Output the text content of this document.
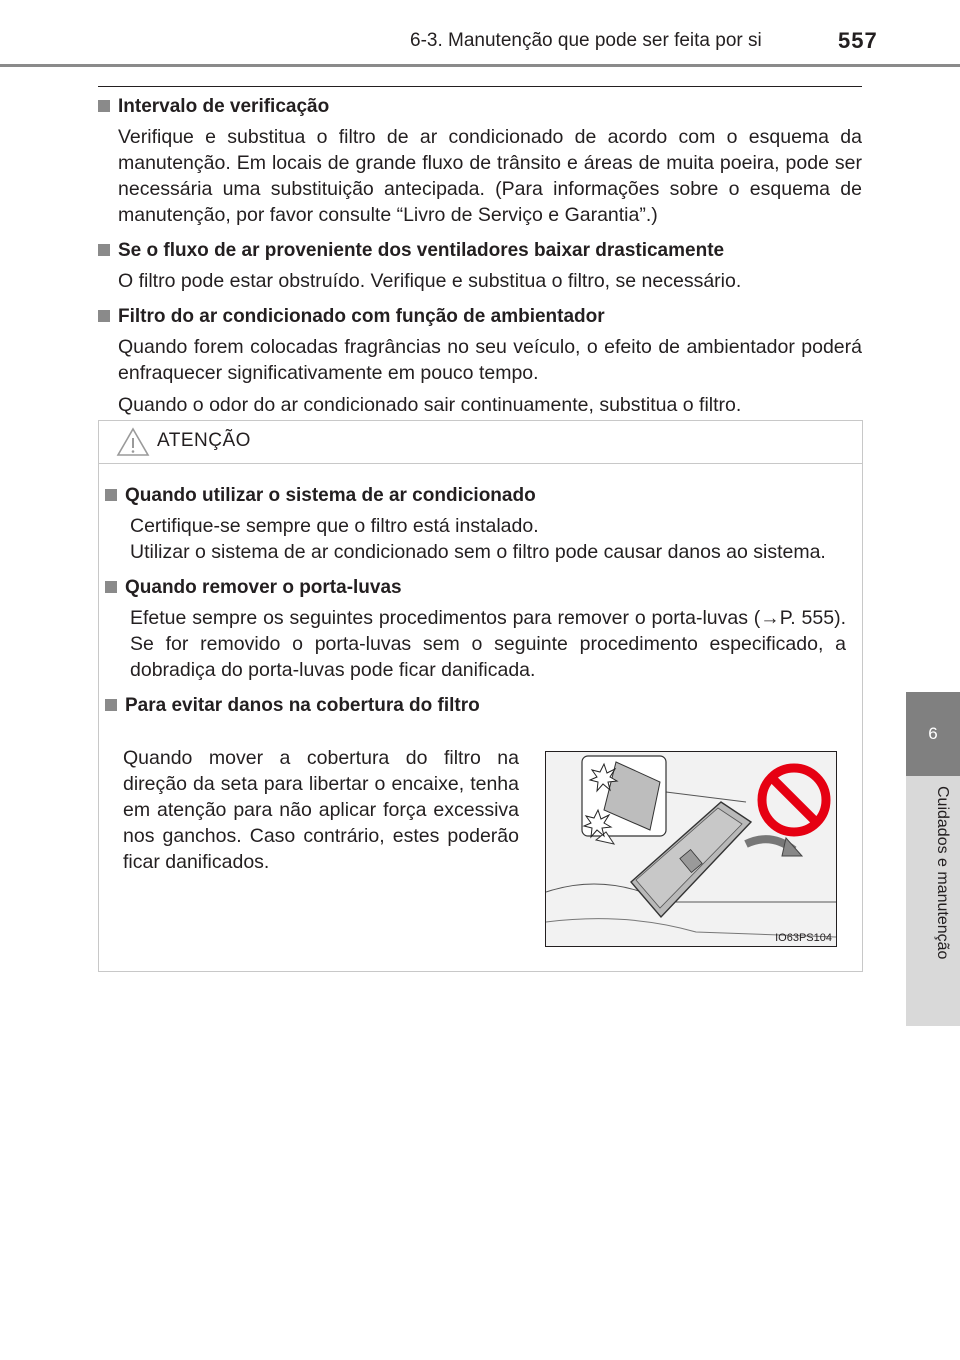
6-3. Manutenção que pode ser feita por si	557
6
Cuidados e manutenção
Intervalo de verificação
Verifique e substitua o filtro de ar condicionado de acordo com o esquema da manutenção. Em locais de grande fluxo de trânsito e áreas de muita poeira, pode ser necessária uma substituição antecipada. (Para informações sobre o esquema de manutenção, por favor consulte “Livro de Serviço e Garantia”.)
Se o fluxo de ar proveniente dos ventiladores baixar drasticamente
O filtro pode estar obstruído. Verifique e substitua o filtro, se necessário.
Filtro do ar condicionado com função de ambientador
Quando forem colocadas fragrâncias no seu veículo, o efeito de ambientador poderá enfraquecer significativamente em pouco tempo.
Quando o odor do ar condicionado sair continuamente, substitua o filtro.
ATENÇÃO
Quando utilizar o sistema de ar condicionado
Certifique-se sempre que o filtro está instalado.
Utilizar o sistema de ar condicionado sem o filtro pode causar danos ao sistema.
Quando remover o porta-luvas
Efetue sempre os seguintes procedimentos para remover o porta-luvas (→P. 555). Se for removido o porta-luvas sem o seguinte procedimento especificado, a dobradiça do porta-luvas pode ficar danificada.
Para evitar danos na cobertura do filtro
Quando mover a cobertura do filtro na direção da seta para libertar o encaixe, tenha em atenção para não aplicar força excessiva nos ganchos. Caso contrário, estes poderão ficar danificados.
IO63PS104
